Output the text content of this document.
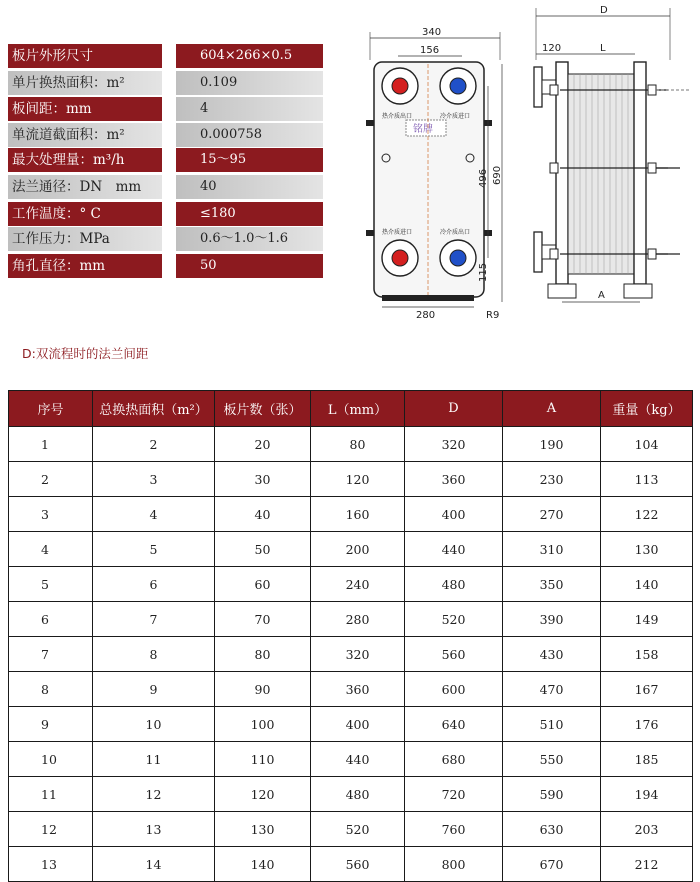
板片外形尺寸	604×266×0.5
单片换热面积：m²	0.109
板间距：mm	4
单流道截面积：m²	0.000758
最大处理量：m³/h	15～95
法兰通径：DN　mm	40
工作温度：° C	≤180
工作压力：MPa	0.6～1.0～1.6
角孔直径：mm	50
340
156
热介质出口	冷介质进口
铭牌
热介质进口	冷介质出口
496 690
115
280	R9
D
120	L
A
D:双流程时的法兰间距
序号	总换热面积（m²）	板片数（张）	L（mm）	D	A	重量（kg）
1	2	20	80	320	190	104
2	3	30	120	360	230	113
3	4	40	160	400	270	122
4	5	50	200	440	310	130
5	6	60	240	480	350	140
6	7	70	280	520	390	149
7	8	80	320	560	430	158
8	9	90	360	600	470	167
9	10	100	400	640	510	176
10	11	110	440	680	550	185
11	12	120	480	720	590	194
12	13	130	520	760	630	203
13	14	140	560	800	670	212
